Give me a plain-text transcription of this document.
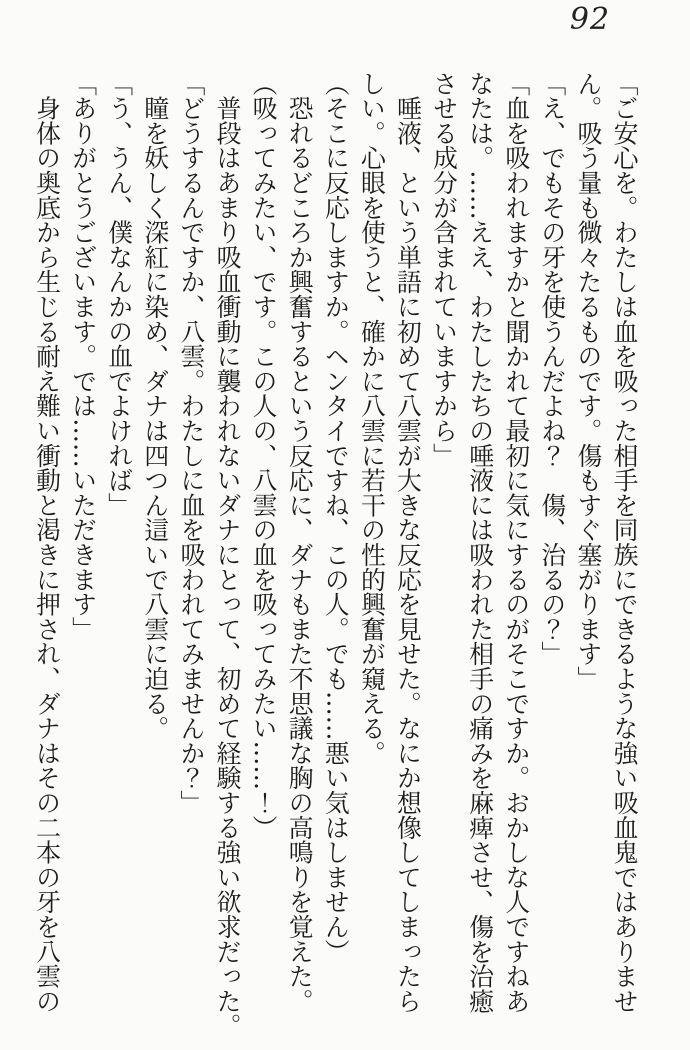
92
「ご安心を。わたしは血を吸った相手を同族にできるような強い吸血鬼ではありませ
ん。吸う量も微々たるものです。傷もすぐ塞がります」
「え、でもその牙を使うんだよね？　傷、治るの？」
「血を吸われますかと聞かれて最初に気にするのがそこですか。おかしな人ですねあ
なたは。……ええ、わたしたちの唾液には吸われた相手の痛みを麻痺させ、傷を治癒
させる成分が含まれていますから」
　唾液、という単語に初めて八雲が大きな反応を見せた。なにか想像してしまったら
しい。心眼を使うと、確かに八雲に若干の性的興奮が窺える。
（そこに反応しますか。ヘンタイですね、この人。でも……悪い気はしません）
　恐れるどころか興奮するという反応に、ダナもまた不思議な胸の高鳴りを覚えた。
（吸ってみたい、です。この人の、八雲の血を吸ってみたい……！）
　普段はあまり吸血衝動に襲われないダナにとって、初めて経験する強い欲求だった。
「どうするんですか、八雲。わたしに血を吸われてみませんか？」
　瞳を妖しく深紅に染め、ダナは四つん這いで八雲に迫る。
「う、うん、僕なんかの血でよければ」
「ありがとうございます。では……いただきます」
　身体の奥底から生じる耐え難い衝動と渇きに押され、ダナはその二本の牙を八雲の
